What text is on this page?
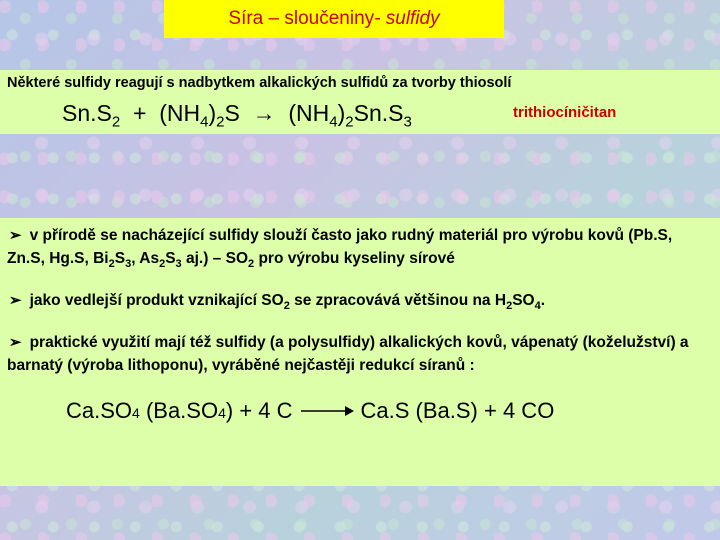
Síra – sloučeniny - sulfidy
Některé sulfidy reagují s nadbytkem alkalických sulfidů za tvorby thiosolí
$Sn.S_2 + (NH_4)_2S \to (NH_4)_2Sn.S_3$
trithiocíničitan
➢ v přírodě se nacházející sulfidy slouží často jako rudný materiál pro výrobu kovů (Pb.S, Zn.S, Hg.S, $Bi_2S_3$, $As_2S_3$ $aj.) - SO_2$ pro výrobu kyseliny sírové
➢ jako vedlejší produkt vznikající $SO_2$ se zpracovává většinou na $H_2SO_4$.
➢ praktické využití mají též sulfidy (a polysulfidy) alkalických kovů, vápenatý (koželužství) a barnatý (výroba lithoponu), vyráběné nejčastěji redukcí síranů :
Ca.SO 4 (Ba.SO 4 ) + 4 C → Ca.S (Ba.S) + 4 CO
